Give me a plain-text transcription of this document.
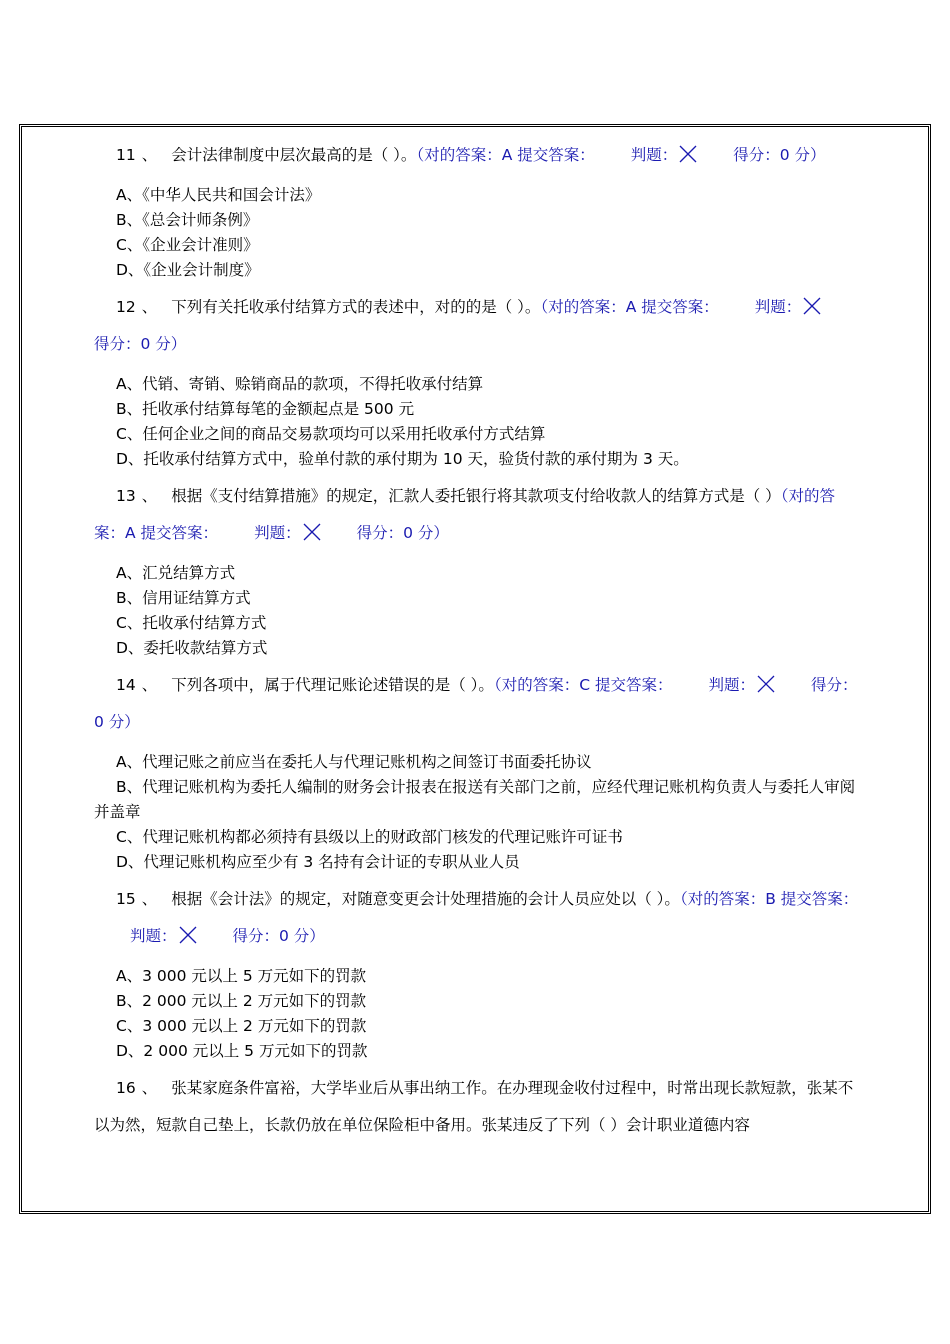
11 、 会计法律制度中层次最高的是（ ）。（对的答案：A 提交答案： 判题：	得分：0 分）

A、《中华人民共和国会计法》

B、《总会计师条例》

C、《企业会计准则》

D、《企业会计制度》

12 、 下列有关托收承付结算方式的表述中，对的的是（ ）。（对的答案：A 提交答案： 判题：
得分：0 分）

A、代销、寄销、赊销商品的款项，不得托收承付结算

B、托收承付结算每笔的金额起点是 500 元

C、任何企业之间的商品交易款项均可以采用托收承付方式结算

D、托收承付结算方式中，验单付款的承付期为 10 天，验货付款的承付期为 3 天。

13 、 根据《支付结算措施》的规定，汇款人委托银行将其款项支付给收款人的结算方式是（ ）（对的答案：A 提交答案： 判题：	得分：0 分）

A、汇兑结算方式

B、信用证结算方式

C、托收承付结算方式

D、委托收款结算方式

14 、 下列各项中，属于代理记账论述错误的是（ ）。（对的答案：C 提交答案： 判题：	得分：0 分）

A、代理记账之前应当在委托人与代理记账机构之间签订书面委托协议

B、代理记账机构为委托人编制的财务会计报表在报送有关部门之前，应经代理记账机构负责人与委托人审阅并盖章

C、代理记账机构都必须持有县级以上的财政部门核发的代理记账许可证书

D、代理记账机构应至少有 3 名持有会计证的专职从业人员

15 、 根据《会计法》的规定，对随意变更会计处理措施的会计人员应处以（ ）。（对的答案：B 提交答案：判题：	得分：0 分）

A、3 000 元以上 5 万元如下的罚款

B、2 000 元以上 2 万元如下的罚款

C、3 000 元以上 2 万元如下的罚款

D、2 000 元以上 5 万元如下的罚款

16 、 张某家庭条件富裕，大学毕业后从事出纳工作。在办理现金收付过程中，时常出现长款短款，张某不以为然，短款自己垫上，长款仍放在单位保险柜中备用。张某违反了下列（ ）会计职业道德内容
